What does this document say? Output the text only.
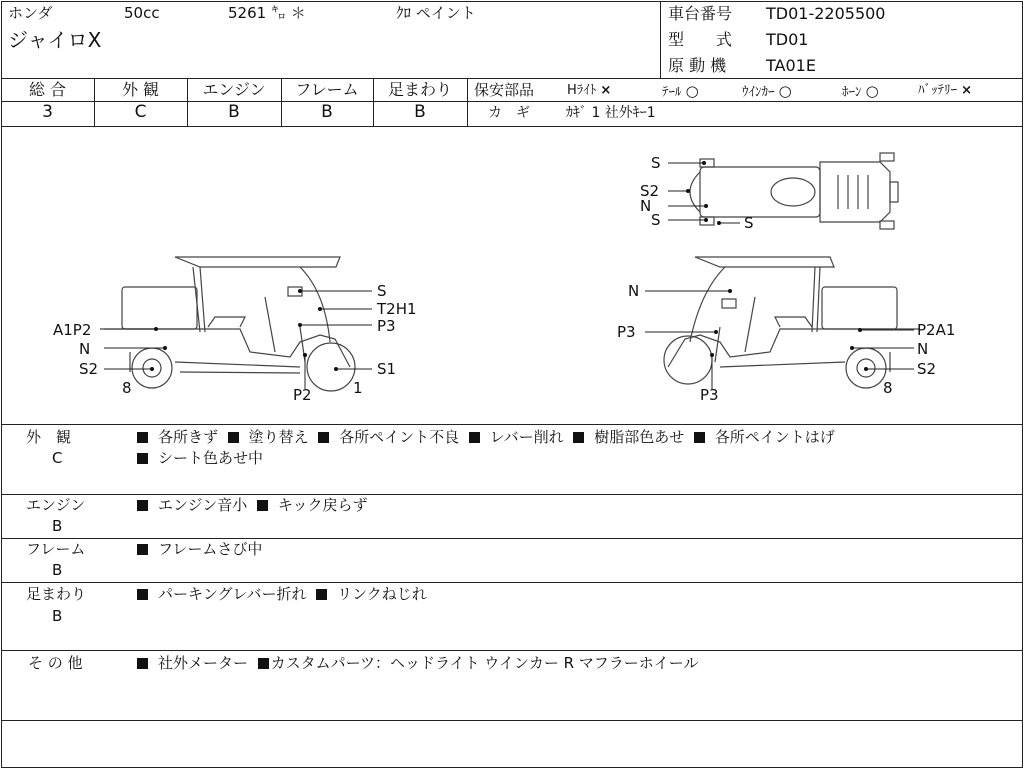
ホンダ	50cc	5261 ㌔ ＊	ｸﾛ ペイント
ジャイロX
車台番号 TD01-2205500
型　　式 TD01
原 動 機 TA01E
総 合	外 観	エンジン	フレーム	足まわり
3	C	B	B	B
保安部品	Hﾗｲﾄ ×	ﾃｰﾙ ○	ｳｲﾝｶｰ ○	ﾎｰﾝ ○	ﾊﾞｯﾃﾘｰ ×
カ　ギ	ｶｷﾞ 1 社外ｷｰ1
S
S2
N
S	S
S
T2H1
P3
A1P2
N
S2	S1
8	1
P2
N
P3	P2A1
N
S2
8
P3
外　観
C
各所きず 塗り替え 各所ペイント不良 レバー削れ 樹脂部色あせ 各所ペイントはげ
シート色あせ中
エンジン
B
エンジン音小 キック戻らず
フレーム
B
フレームさび中
足まわり
B
パーキングレバー折れ リンクねじれ
そ の 他	社外メーター カスタムパーツ：ヘッドライト ウインカー R マフラーホイール
